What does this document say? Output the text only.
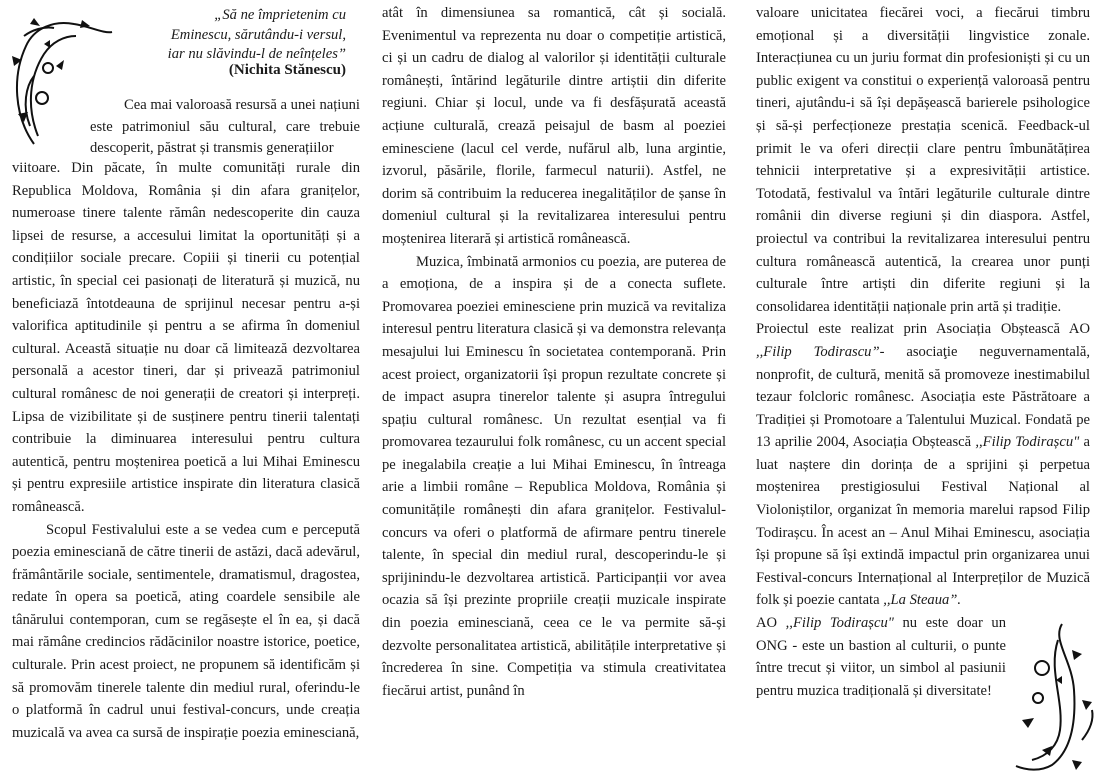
„Să ne împrietenim cu
Eminescu, sărutându-i versul,
iar nu slăvindu-l de neînțeles”
(Nichita Stănescu)
Cea mai valoroasă resursă a unei națiuni este patrimoniul său cultural, care trebuie descoperit, păstrat și transmis generațiilor

viitoare. Din păcate, în multe comunități rurale din Republica Moldova, România și din afara granițelor, numeroase tinere talente rămân nedescoperite din cauza lipsei de resurse, a accesului limitat la oportunități și a condițiilor sociale precare. Copiii și tinerii cu potențial artistic, în special cei pasionați de literatură și muzică, nu beneficiază întotdeauna de sprijinul necesar pentru a-și valorifica aptitudinile și pentru a se afirma în domeniul cultural. Această situație nu doar că limitează dezvoltarea personală a acestor tineri, dar și privează patrimoniul cultural românesc de noi generații de creatori și interpreți. Lipsa de vizibilitate și de susținere pentru tinerii talentați contribuie la diminuarea interesului pentru cultura autentică, pentru moștenirea poetică a lui Mihai Eminescu și pentru expresiile artistice inspirate din literatura clasică românească.

Scopul Festivalului este a se vedea cum e percepută poezia eminesciană de către tinerii de astăzi, dacă adevărul, frământările sociale, sentimentele, dramatismul, dragostea, redate în opera sa poetică, ating coardele sensibile ale tânărului contemporan, cum se regăsește el în ea, și dacă mai rămâne credincios rădăcinilor noastre istorice, poetice, culturale. Prin acest proiect, ne propunem să identificăm și să promovăm tinerele talente din mediul rural, oferindu-le o platformă în cadrul unui festival-concurs, unde creația muzicală va avea ca sursă de inspirație poezia eminesciană,

atât în dimensiunea sa romantică, cât și socială. Evenimentul va reprezenta nu doar o competiție artistică, ci și un cadru de dialog al valorilor și identității culturale românești, întărind legăturile dintre artiștii din diferite regiuni. Chiar și locul, unde va fi desfășurată această acțiune culturală, crează peisajul de basm al poeziei eminesciene (lacul cel verde, nufărul alb, luna argintie, izvorul, păsările, florile, farmecul naturii). Astfel, ne dorim să contribuim la reducerea inegalităților de șanse în domeniul cultural și la revitalizarea interesului pentru moștenirea literară și artistică românească.

Muzica, îmbinată armonios cu poezia, are puterea de a emoționa, de a inspira și de a conecta suflete. Promovarea poeziei eminesciene prin muzică va revitaliza interesul pentru literatura clasică și va demonstra relevanța mesajului lui Eminescu în societatea contemporană. Prin acest proiect, organizatorii își propun rezultate concrete și de impact asupra tinerelor talente și asupra întregului spațiu cultural românesc. Un rezultat esențial va fi promovarea tezaurului folk românesc, cu un accent special pe inegalabila creație a lui Mihai Eminescu, în întreaga arie a limbii române – Republica Moldova, România și comunitățile românești din afara granițelor. Festivalul-concurs va oferi o platformă de afirmare pentru tinerele talente, în special din mediul rural, descoperindu-le și sprijinindu-le dezvoltarea artistică. Participanții vor avea ocazia să își prezinte propriile creații muzicale inspirate din poezia eminesciană, ceea ce le va permite să-și dezvolte personalitatea artistică, abilitățile interpretative și încrederea în sine. Competiția va stimula creativitatea fiecărui artist, punând în

valoare unicitatea fiecărei voci, a fiecărui timbru emoțional și a diversității lingvistice zonale. Interacțiunea cu un juriu format din profesioniști și cu un public exigent va constitui o experiență valoroasă pentru tineri, ajutându-i să își depășească barierele psihologice și să-și perfecționeze prestația scenică. Feedback-ul primit le va oferi direcții clare pentru îmbunătățirea tehnicii interpretative și a expresivității artistice. Totodată, festivalul va întări legăturile culturale dintre românii din diverse regiuni și din diaspora. Astfel, proiectul va contribui la revitalizarea interesului pentru cultura românească autentică, la crearea unor punți culturale între artiști din diferite regiuni și la consolidarea identității naționale prin artă și tradiție.

Proiectul este realizat prin Asociația Obștească AO ,,Filip Todirascu”- asociaţie neguvernamentală, nonprofit, de cultură, menită să promoveze inestimabilul tezaur folcloric românesc. Asociația este Păstrătoare a Tradiției și Promotoare a Talentului Muzical. Fondată pe 13 aprilie 2004, Asociația Obștească ,,Filip Todirașcu" a luat naștere din dorința de a sprijini și perpetua moștenirea prestigiosului Festival Național al Violoniștilor, organizat în memoria marelui rapsod Filip Todirașcu. În acest an – Anul Mihai Eminescu, asociația își propune să își extindă impactul prin organizarea unui Festival-concurs Internațional al Interpreților de Muzică folk și poezie cantata ,,La Steaua”.

AO ,,Filip Todirașcu" nu este doar un ONG - este un bastion al culturii, o punte între trecut și viitor, un simbol al pasiunii pentru muzica tradițională și diversitate!
